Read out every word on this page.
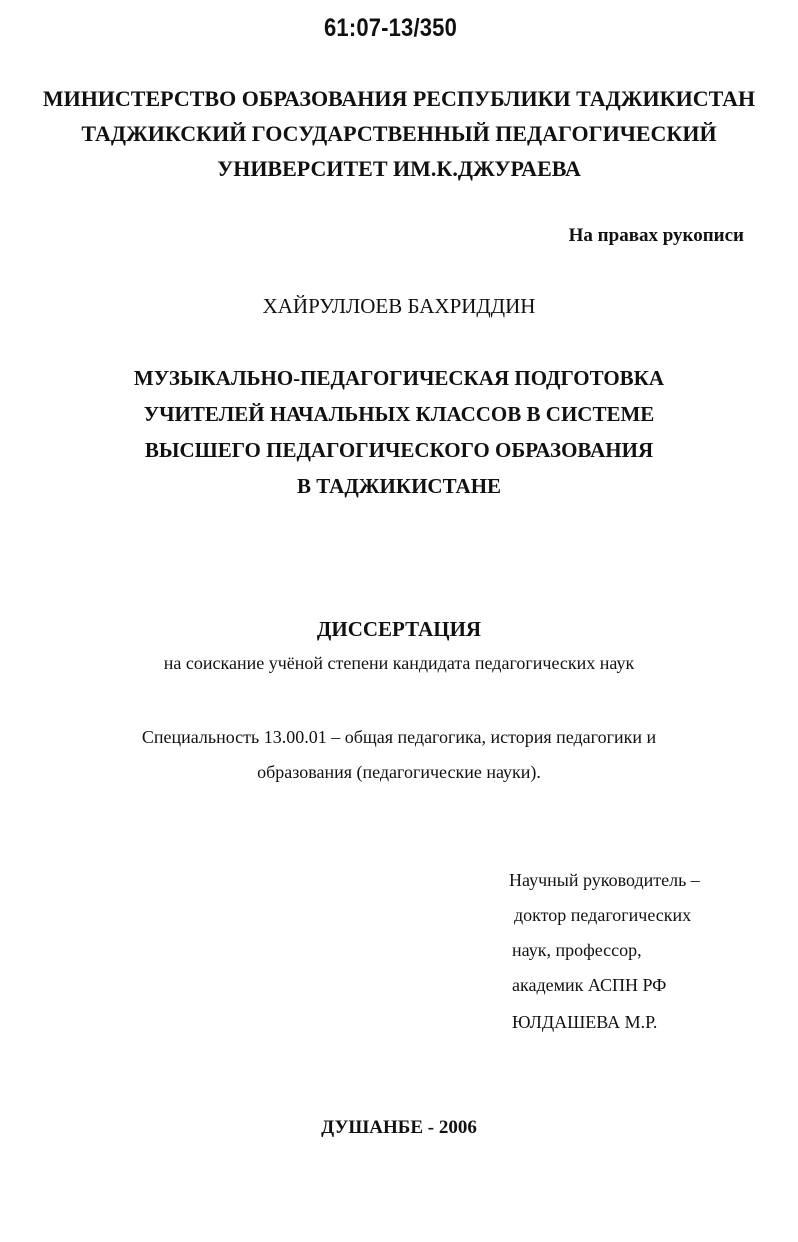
61:07-13/350
МИНИСТЕРСТВО ОБРАЗОВАНИЯ РЕСПУБЛИКИ ТАДЖИКИСТАН
ТАДЖИКСКИЙ ГОСУДАРСТВЕННЫЙ ПЕДАГОГИЧЕСКИЙ
УНИВЕРСИТЕТ ИМ.К.ДЖУРАЕВА
На правах рукописи
ХАЙРУЛЛОЕВ БАХРИДДИН
МУЗЫКАЛЬНО-ПЕДАГОГИЧЕСКАЯ ПОДГОТОВКА
УЧИТЕЛЕЙ НАЧАЛЬНЫХ КЛАССОВ В СИСТЕМЕ
ВЫСШЕГО ПЕДАГОГИЧЕСКОГО ОБРАЗОВАНИЯ
В ТАДЖИКИСТАНЕ
ДИССЕРТАЦИЯ
на соискание учёной степени кандидата педагогических наук
Специальность 13.00.01 – общая педагогика, история педагогики и
образования (педагогические науки).
Научный руководитель –
доктор педагогических
наук, профессор,
академик АСПН РФ
ЮЛДАШЕВА М.Р.
ДУШАНБЕ - 2006
